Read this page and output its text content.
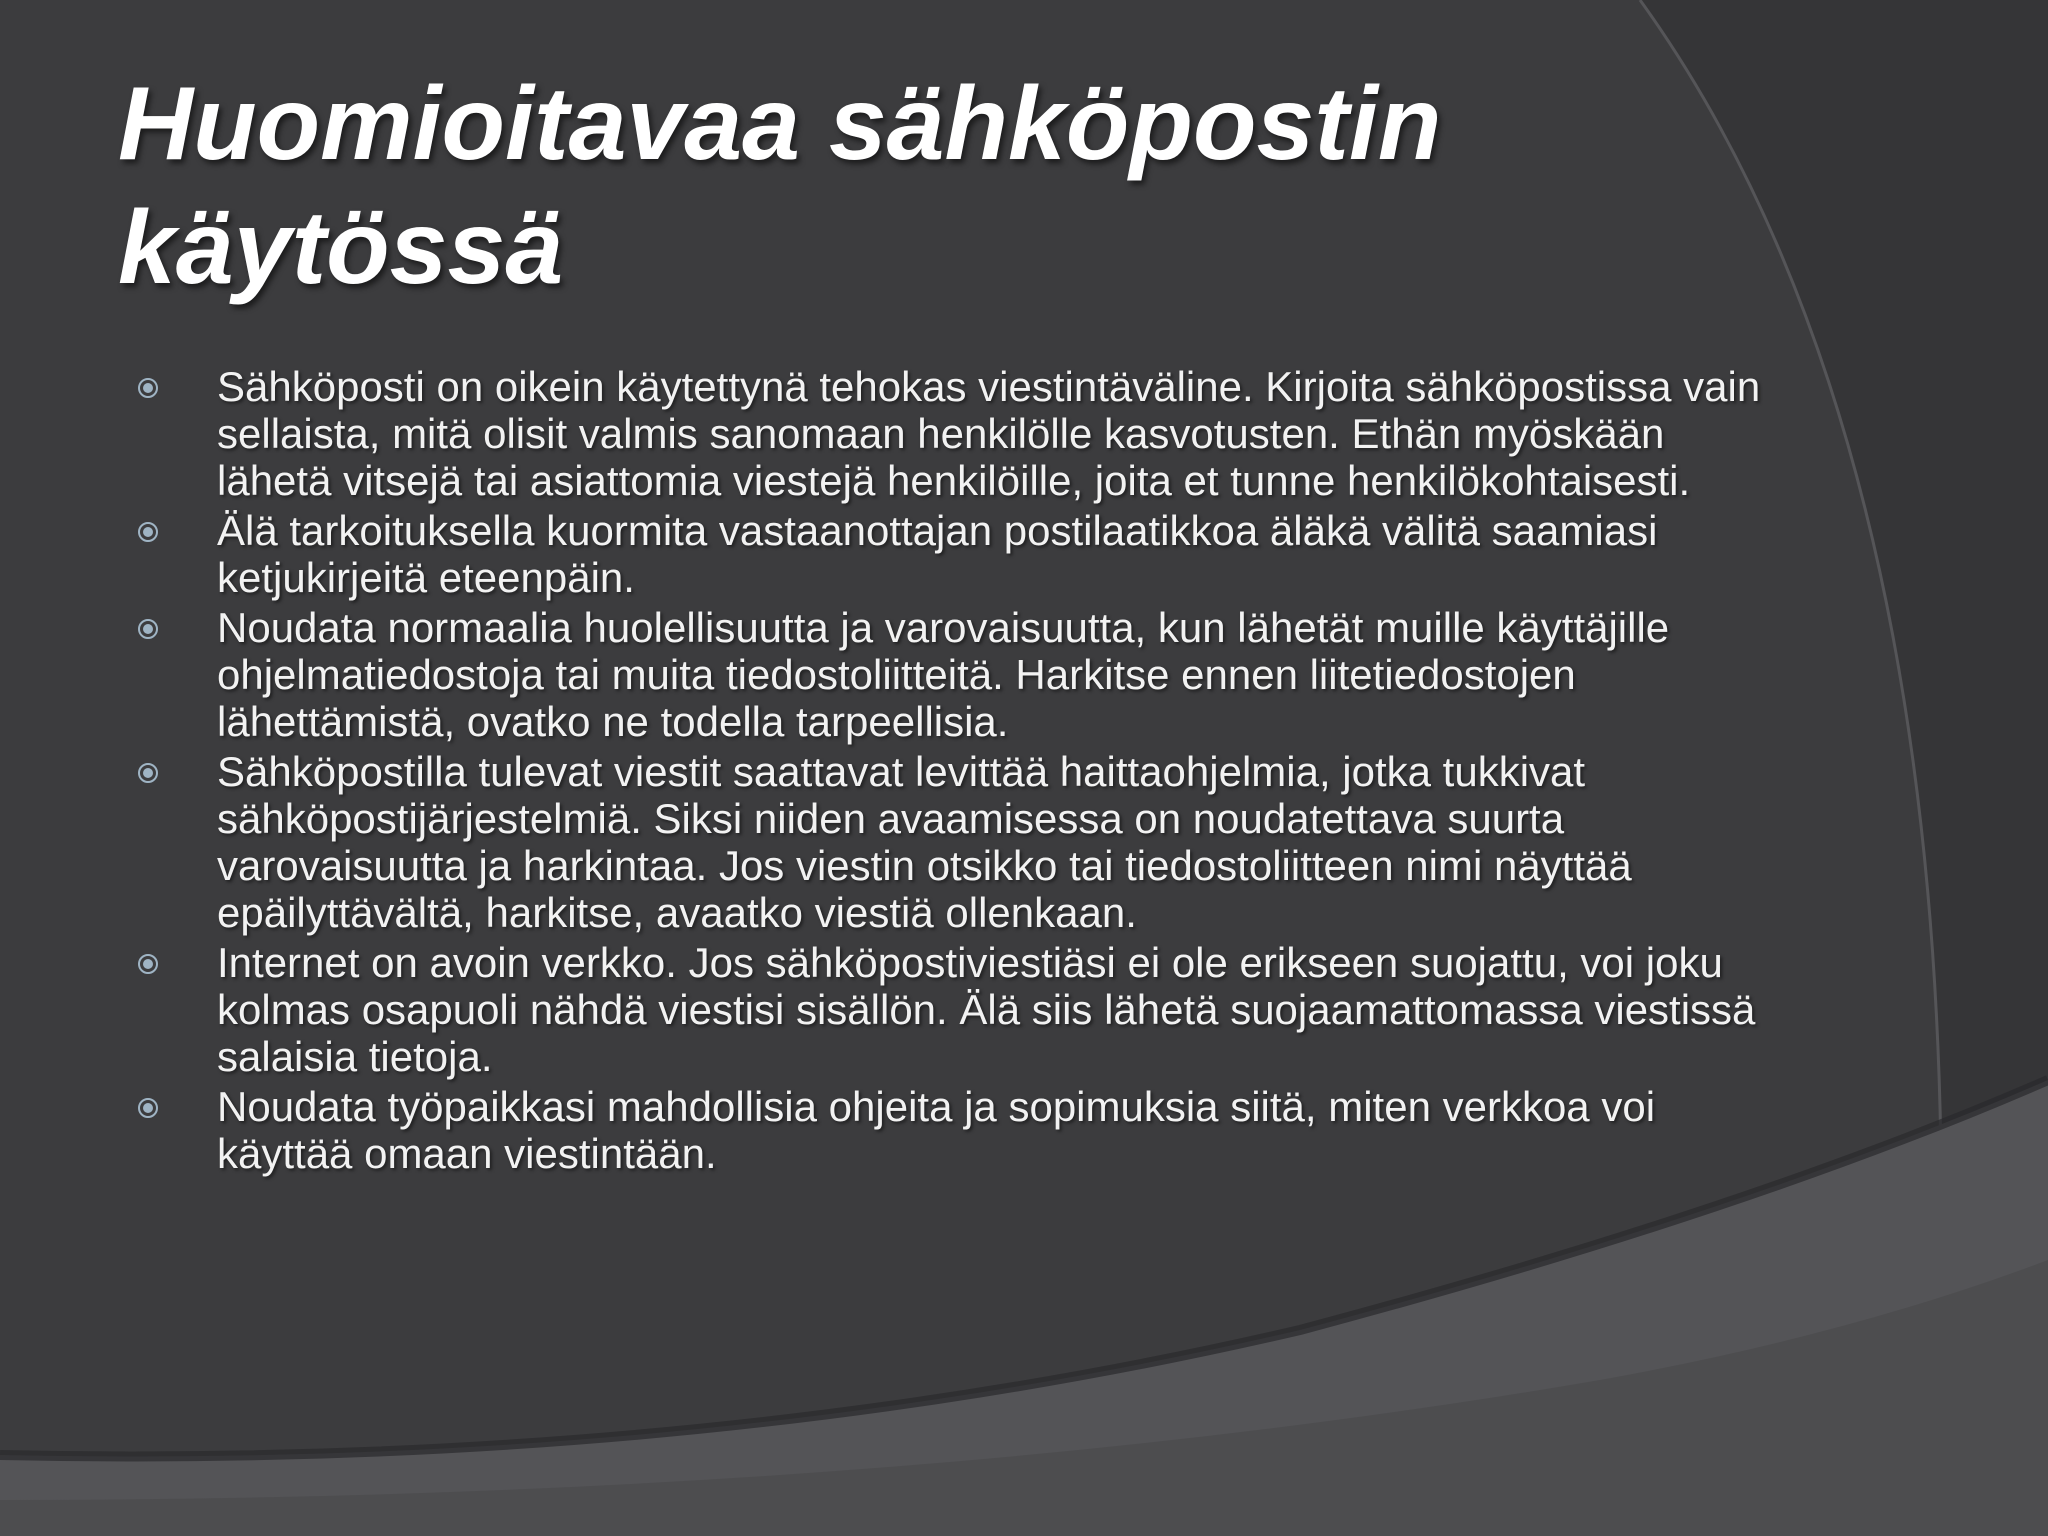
Huomioitavaa sähköpostin
käytössä
Sähköposti on oikein käytettynä tehokas viestintäväline. Kirjoita sähköpostissa vain sellaista, mitä olisit valmis sanomaan henkilölle kasvotusten. Ethän myöskään lähetä vitsejä tai asiattomia viestejä henkilöille, joita et tunne henkilökohtaisesti.
Älä tarkoituksella kuormita vastaanottajan postilaatikkoa äläkä välitä saamiasi ketjukirjeitä eteenpäin.
Noudata normaalia huolellisuutta ja varovaisuutta, kun lähetät muille käyttäjille ohjelmatiedostoja tai muita tiedostoliitteitä. Harkitse ennen liitetiedostojen lähettämistä, ovatko ne todella tarpeellisia.
Sähköpostilla tulevat viestit saattavat levittää haittaohjelmia, jotka tukkivat sähköpostijärjestelmiä. Siksi niiden avaamisessa on noudatettava suurta varovaisuutta ja harkintaa. Jos viestin otsikko tai tiedostoliitteen nimi näyttää epäilyttävältä, harkitse, avaatko viestiä ollenkaan.
Internet on avoin verkko. Jos sähköpostiviestiäsi ei ole erikseen suojattu, voi joku kolmas osapuoli nähdä viestisi sisällön. Älä siis lähetä suojaamattomassa viestissä salaisia tietoja.
Noudata työpaikkasi mahdollisia ohjeita ja sopimuksia siitä, miten verkkoa voi käyttää omaan viestintään.
